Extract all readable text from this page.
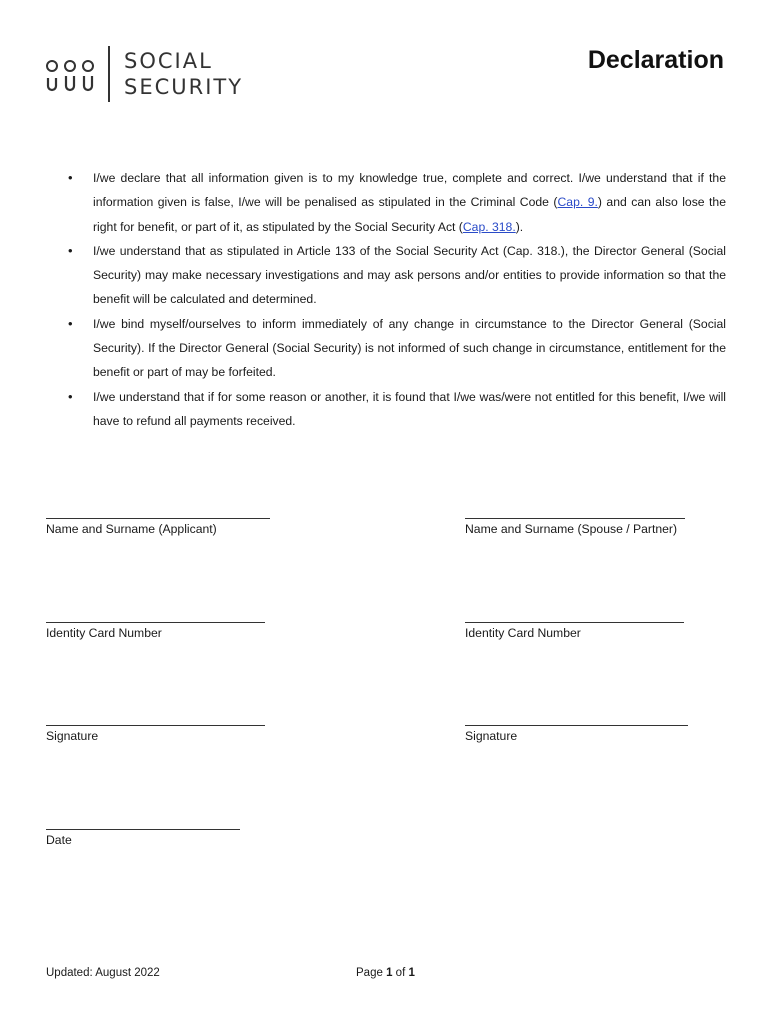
SOCIAL
SECURITY
Declaration
• I/we declare that all information given is to my knowledge true, complete and correct. I/we understand that if the information given is false, I/we will be penalised as stipulated in the Criminal Code (Cap. 9.) and can also lose the right for benefit, or part of it, as stipulated by the Social Security Act (Cap. 318.).
• I/we understand that as stipulated in Article 133 of the Social Security Act (Cap. 318.), the Director General (Social Security) may make necessary investigations and may ask persons and/or entities to provide information so that the benefit will be calculated and determined.
• I/we bind myself/ourselves to inform immediately of any change in circumstance to the Director General (Social Security). If the Director General (Social Security) is not informed of such change in circumstance, entitlement for the benefit or part of may be forfeited.
• I/we understand that if for some reason or another, it is found that I/we was/were not entitled for this benefit, I/we will have to refund all payments received.
Name and Surname (Applicant)	Name and Surname (Spouse / Partner)
Identity Card Number	Identity Card Number
Signature	Signature
Date
Updated: August 2022	Page 1 of 1
